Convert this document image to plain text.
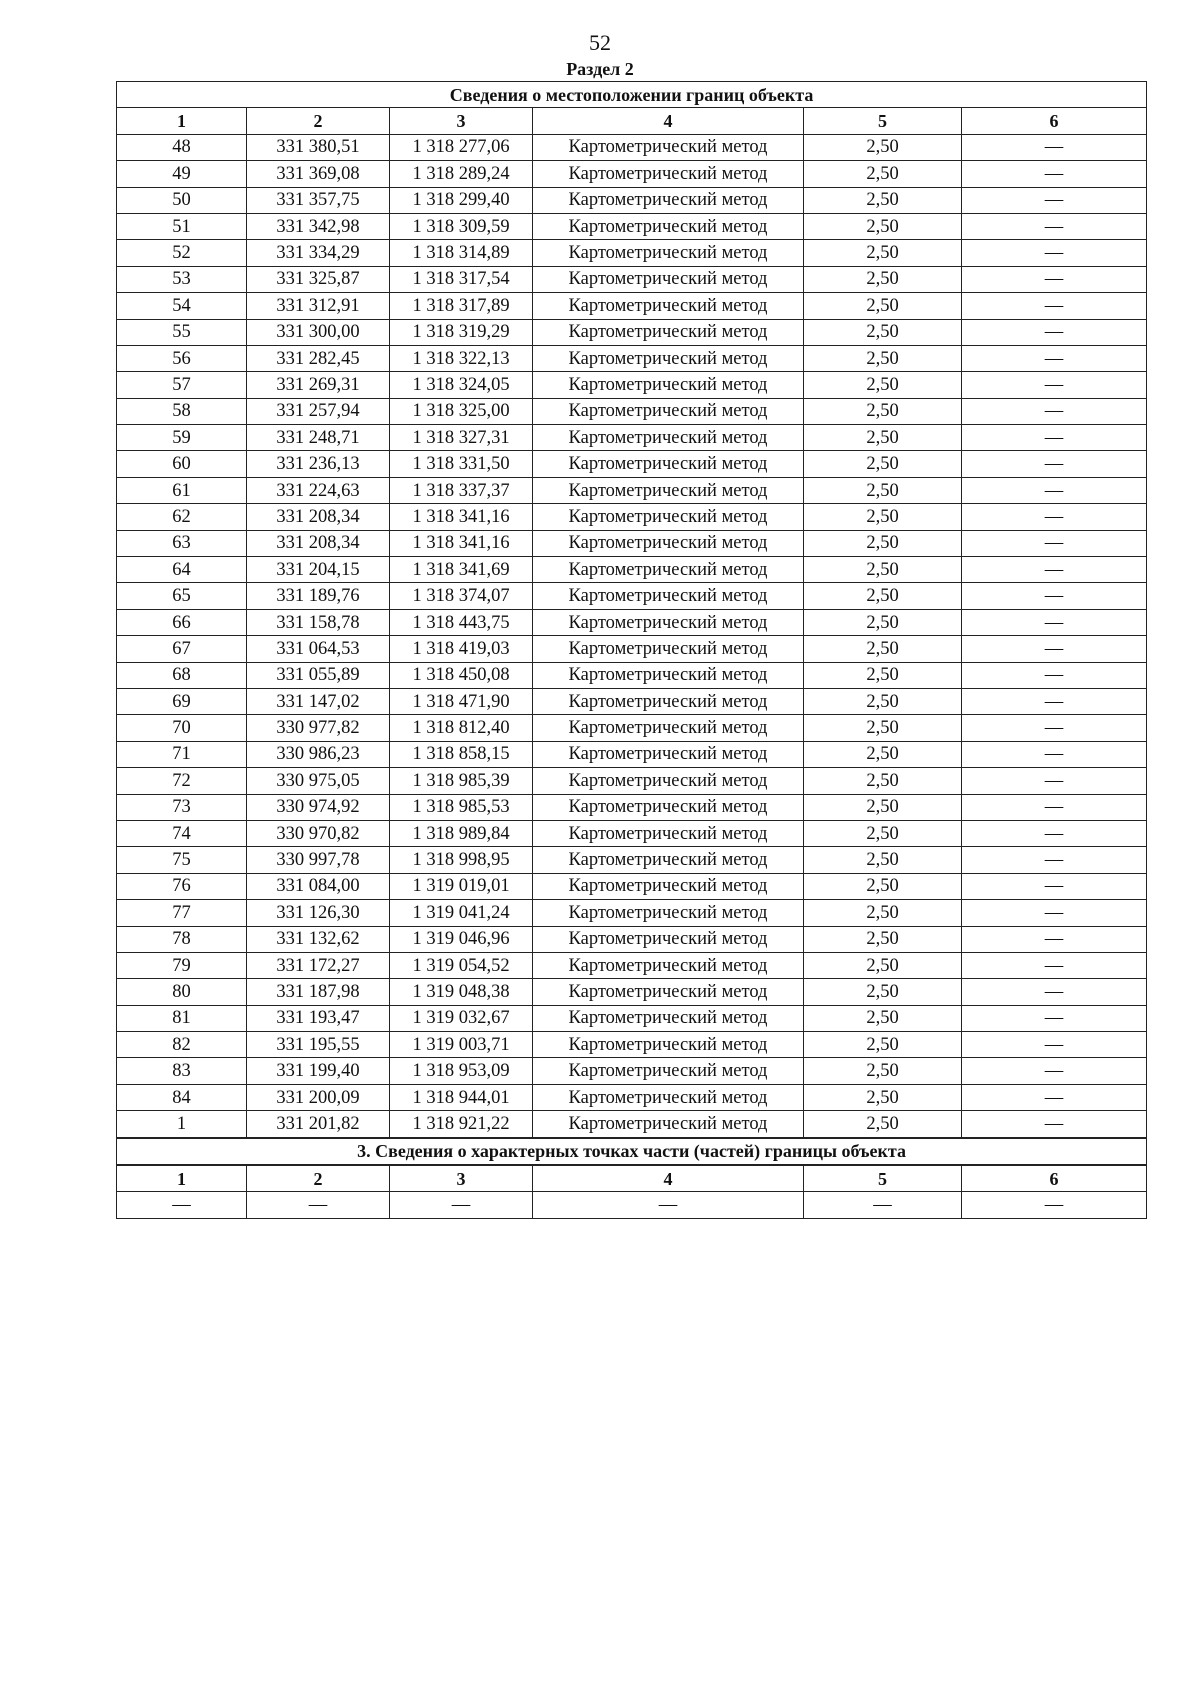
52
Раздел 2
Сведения о местоположении границ объекта					
1	2	3	4	5	6
48	331 380,51	1 318 277,06	Картометрический метод	2,50	—
49	331 369,08	1 318 289,24	Картометрический метод	2,50	—
50	331 357,75	1 318 299,40	Картометрический метод	2,50	—
51	331 342,98	1 318 309,59	Картометрический метод	2,50	—
52	331 334,29	1 318 314,89	Картометрический метод	2,50	—
53	331 325,87	1 318 317,54	Картометрический метод	2,50	—
54	331 312,91	1 318 317,89	Картометрический метод	2,50	—
55	331 300,00	1 318 319,29	Картометрический метод	2,50	—
56	331 282,45	1 318 322,13	Картометрический метод	2,50	—
57	331 269,31	1 318 324,05	Картометрический метод	2,50	—
58	331 257,94	1 318 325,00	Картометрический метод	2,50	—
59	331 248,71	1 318 327,31	Картометрический метод	2,50	—
60	331 236,13	1 318 331,50	Картометрический метод	2,50	—
61	331 224,63	1 318 337,37	Картометрический метод	2,50	—
62	331 208,34	1 318 341,16	Картометрический метод	2,50	—
63	331 208,34	1 318 341,16	Картометрический метод	2,50	—
64	331 204,15	1 318 341,69	Картометрический метод	2,50	—
65	331 189,76	1 318 374,07	Картометрический метод	2,50	—
66	331 158,78	1 318 443,75	Картометрический метод	2,50	—
67	331 064,53	1 318 419,03	Картометрический метод	2,50	—
68	331 055,89	1 318 450,08	Картометрический метод	2,50	—
69	331 147,02	1 318 471,90	Картометрический метод	2,50	—
70	330 977,82	1 318 812,40	Картометрический метод	2,50	—
71	330 986,23	1 318 858,15	Картометрический метод	2,50	—
72	330 975,05	1 318 985,39	Картометрический метод	2,50	—
73	330 974,92	1 318 985,53	Картометрический метод	2,50	—
74	330 970,82	1 318 989,84	Картометрический метод	2,50	—
75	330 997,78	1 318 998,95	Картометрический метод	2,50	—
76	331 084,00	1 319 019,01	Картометрический метод	2,50	—
77	331 126,30	1 319 041,24	Картометрический метод	2,50	—
78	331 132,62	1 319 046,96	Картометрический метод	2,50	—
79	331 172,27	1 319 054,52	Картометрический метод	2,50	—
80	331 187,98	1 319 048,38	Картометрический метод	2,50	—
81	331 193,47	1 319 032,67	Картометрический метод	2,50	—
82	331 195,55	1 319 003,71	Картометрический метод	2,50	—
83	331 199,40	1 318 953,09	Картометрический метод	2,50	—
84	331 200,09	1 318 944,01	Картометрический метод	2,50	—
1	331 201,82	1 318 921,22	Картометрический метод	2,50	—
3. Сведения о характерных точках части (частей) границы объекта					
1	2	3	4	5	6
—	—	—	—	—	—
